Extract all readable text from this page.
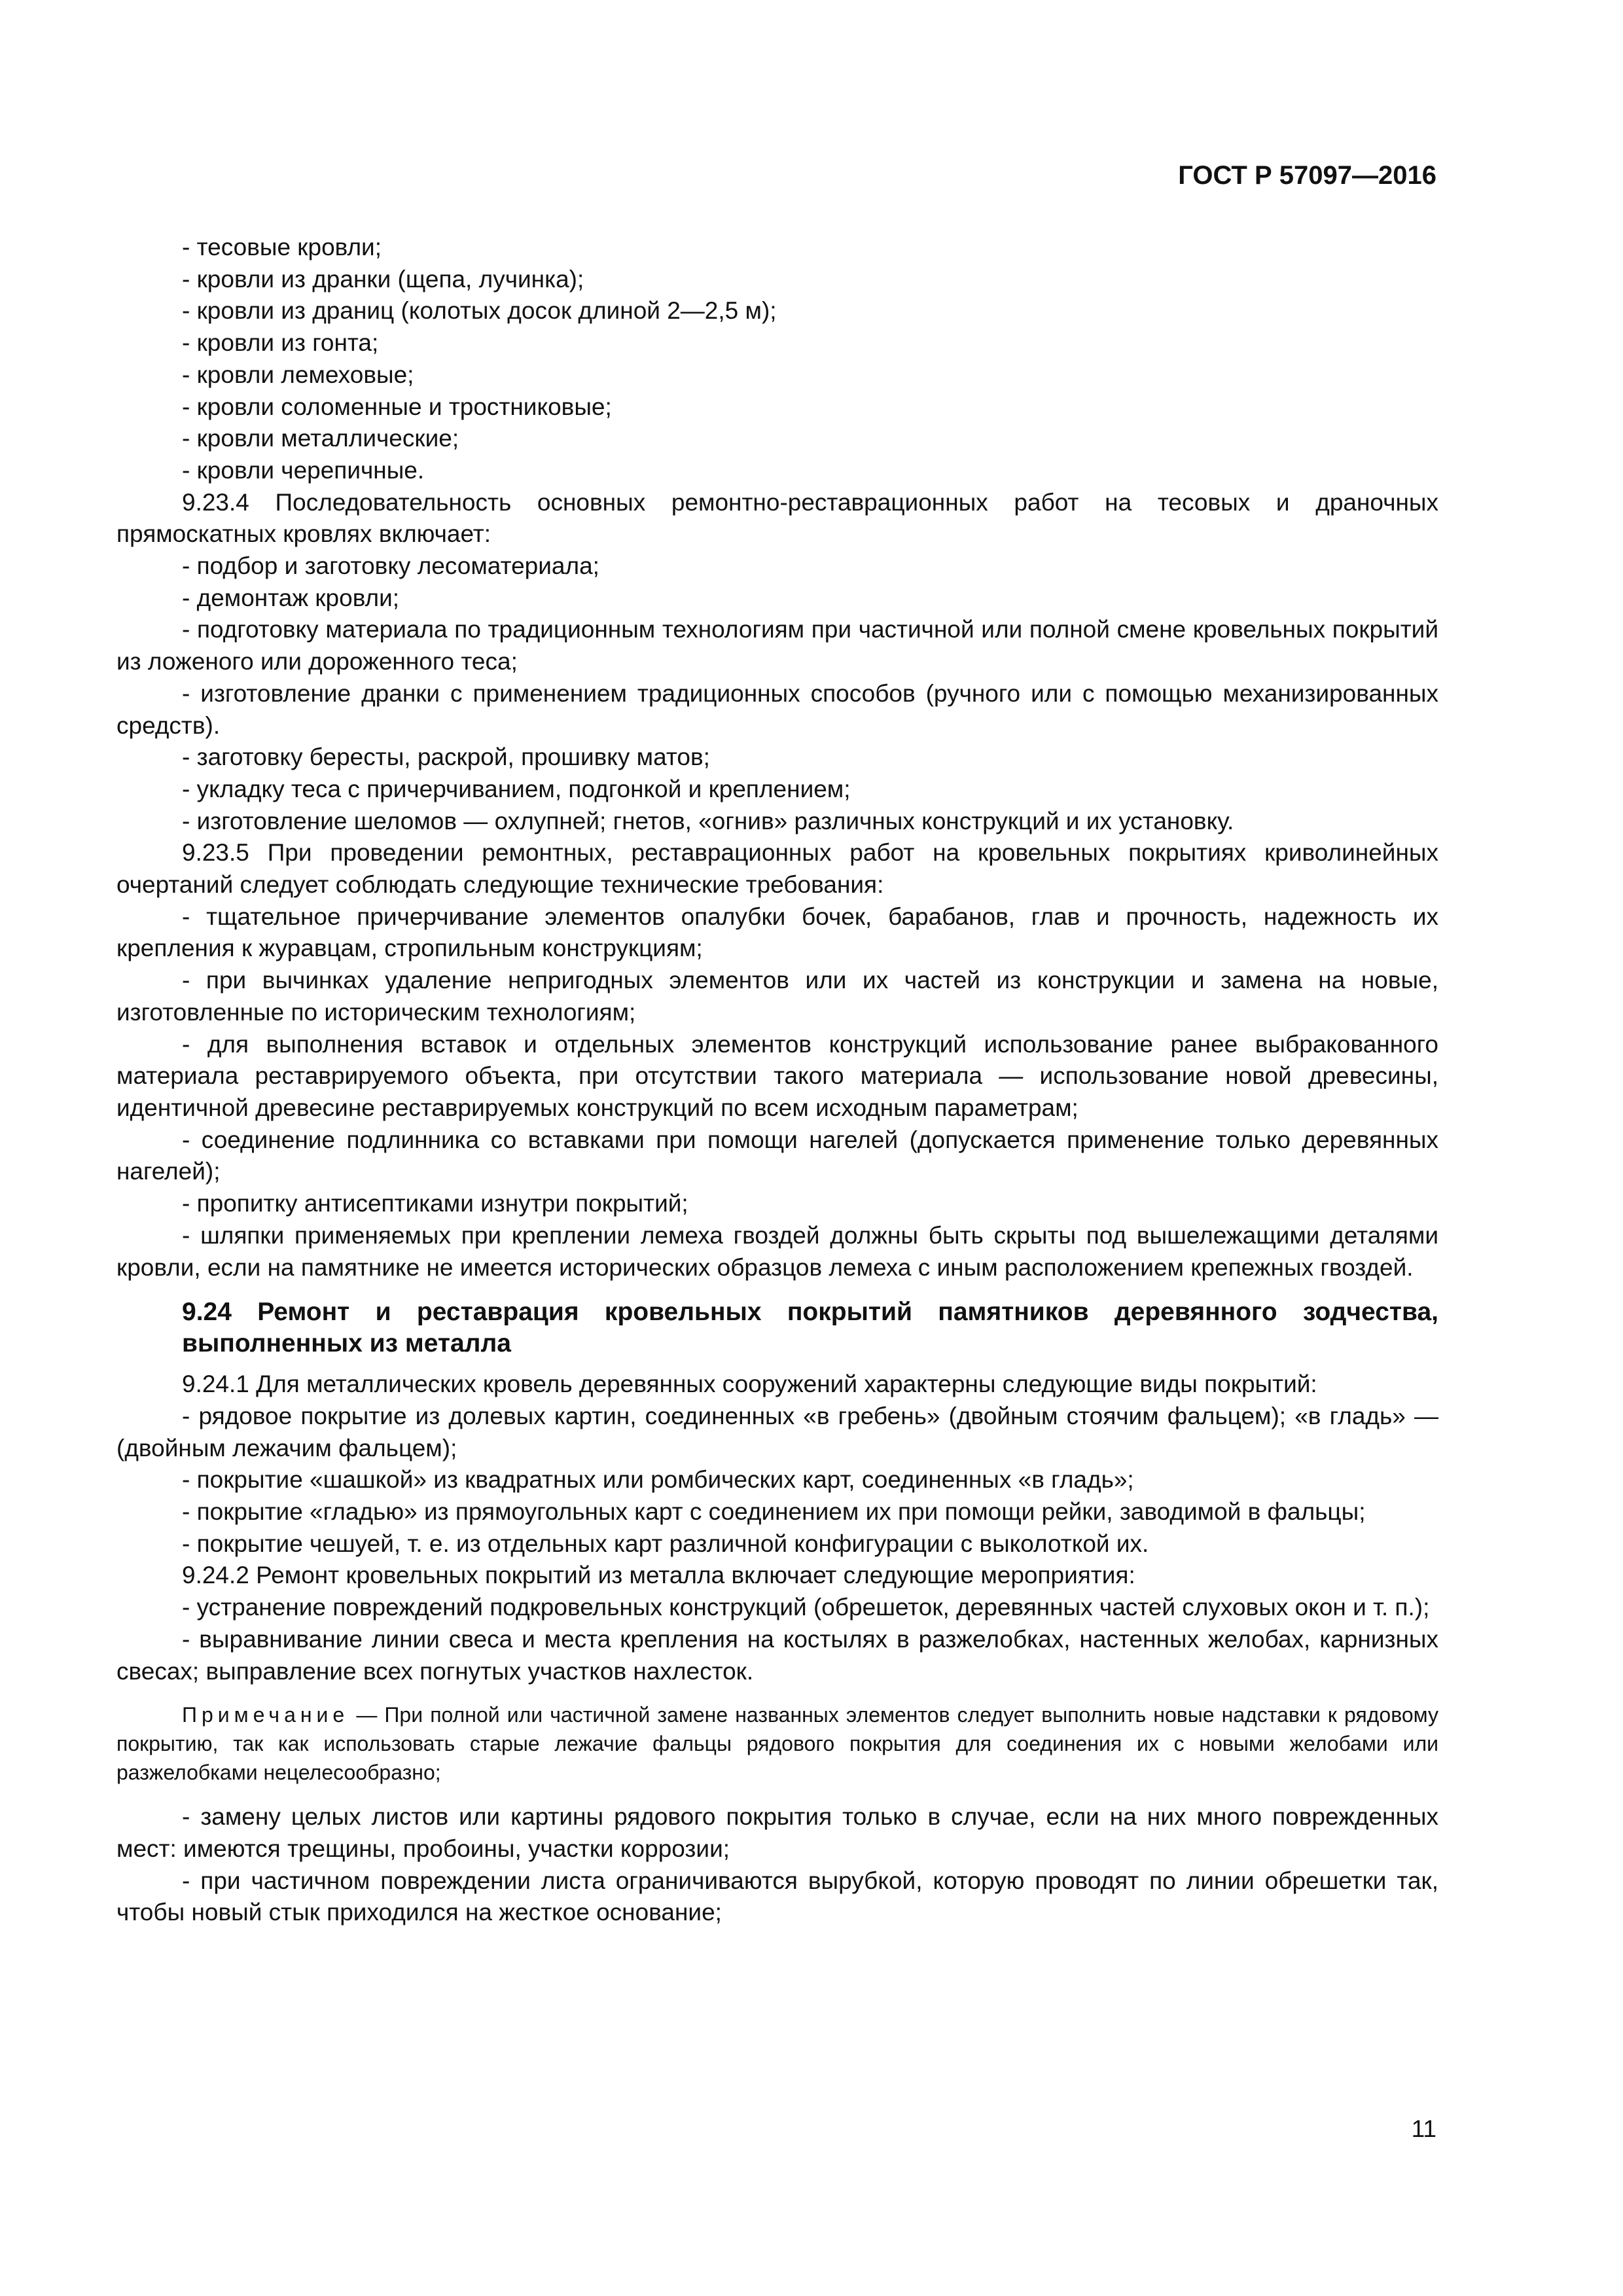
ГОСТ Р 57097—2016

- тесовые кровли;

- кровли из дранки (щепа, лучинка);

- кровли из драниц (колотых досок длиной 2—2,5 м);

- кровли из гонта;

- кровли лемеховые;

- кровли соломенные и тростниковые;

- кровли металлические;

- кровли черепичные.

9.23.4 Последовательность основных ремонтно-реставрационных работ на тесовых и драночных прямоскатных кровлях включает:

- подбор и заготовку лесоматериала;

- демонтаж кровли;

- подготовку материала по традиционным технологиям при частичной или полной смене кровельных покрытий из ложеного или дороженного теса;

- изготовление дранки с применением традиционных способов (ручного или с помощью механизированных средств).

- заготовку бересты, раскрой, прошивку матов;

- укладку теса с причерчиванием, подгонкой и креплением;

- изготовление шеломов — охлупней; гнетов, «огнив» различных конструкций и их установку.

9.23.5 При проведении ремонтных, реставрационных работ на кровельных покрытиях криволинейных очертаний следует соблюдать следующие технические требования:

- тщательное причерчивание элементов опалубки бочек, барабанов, глав и прочность, надежность их крепления к журавцам, стропильным конструкциям;

- при вычинках удаление непригодных элементов или их частей из конструкции и замена на новые, изготовленные по историческим технологиям;

- для выполнения вставок и отдельных элементов конструкций использование ранее выбракованного материала реставрируемого объекта, при отсутствии такого материала — использование новой древесины, идентичной древесине реставрируемых конструкций по всем исходным параметрам;

- соединение подлинника со вставками при помощи нагелей (допускается применение только деревянных нагелей);

- пропитку антисептиками изнутри покрытий;

- шляпки применяемых при креплении лемеха гвоздей должны быть скрыты под вышележащими деталями кровли, если на памятнике не имеется исторических образцов лемеха с иным расположением крепежных гвоздей.

9.24 Ремонт и реставрация кровельных покрытий памятников деревянного зодчества, выполненных из металла

9.24.1 Для металлических кровель деревянных сооружений характерны следующие виды покрытий:

- рядовое покрытие из долевых картин, соединенных «в гребень» (двойным стоячим фальцем); «в гладь» — (двойным лежачим фальцем);

- покрытие «шашкой» из квадратных или ромбических карт, соединенных «в гладь»;

- покрытие «гладью» из прямоугольных карт с соединением их при помощи рейки, заводимой в фальцы;

- покрытие чешуей, т. е. из отдельных карт различной конфигурации с выколоткой их.

9.24.2 Ремонт кровельных покрытий из металла включает следующие мероприятия:

- устранение повреждений подкровельных конструкций (обрешеток, деревянных частей слуховых окон и т. п.);

- выравнивание линии свеса и места крепления на костылях в разжелобках, настенных желобах, карнизных свесах; выправление всех погнутых участков нахлесток.

Примечание — При полной или частичной замене названных элементов следует выполнить новые надставки к рядовому покрытию, так как использовать старые лежачие фальцы рядового покрытия для соединения их с новыми желобами или разжелобками нецелесообразно;

- замену целых листов или картины рядового покрытия только в случае, если на них много поврежденных мест: имеются трещины, пробоины, участки коррозии;

- при частичном повреждении листа ограничиваются вырубкой, которую проводят по линии обрешетки так, чтобы новый стык приходился на жесткое основание;

11
